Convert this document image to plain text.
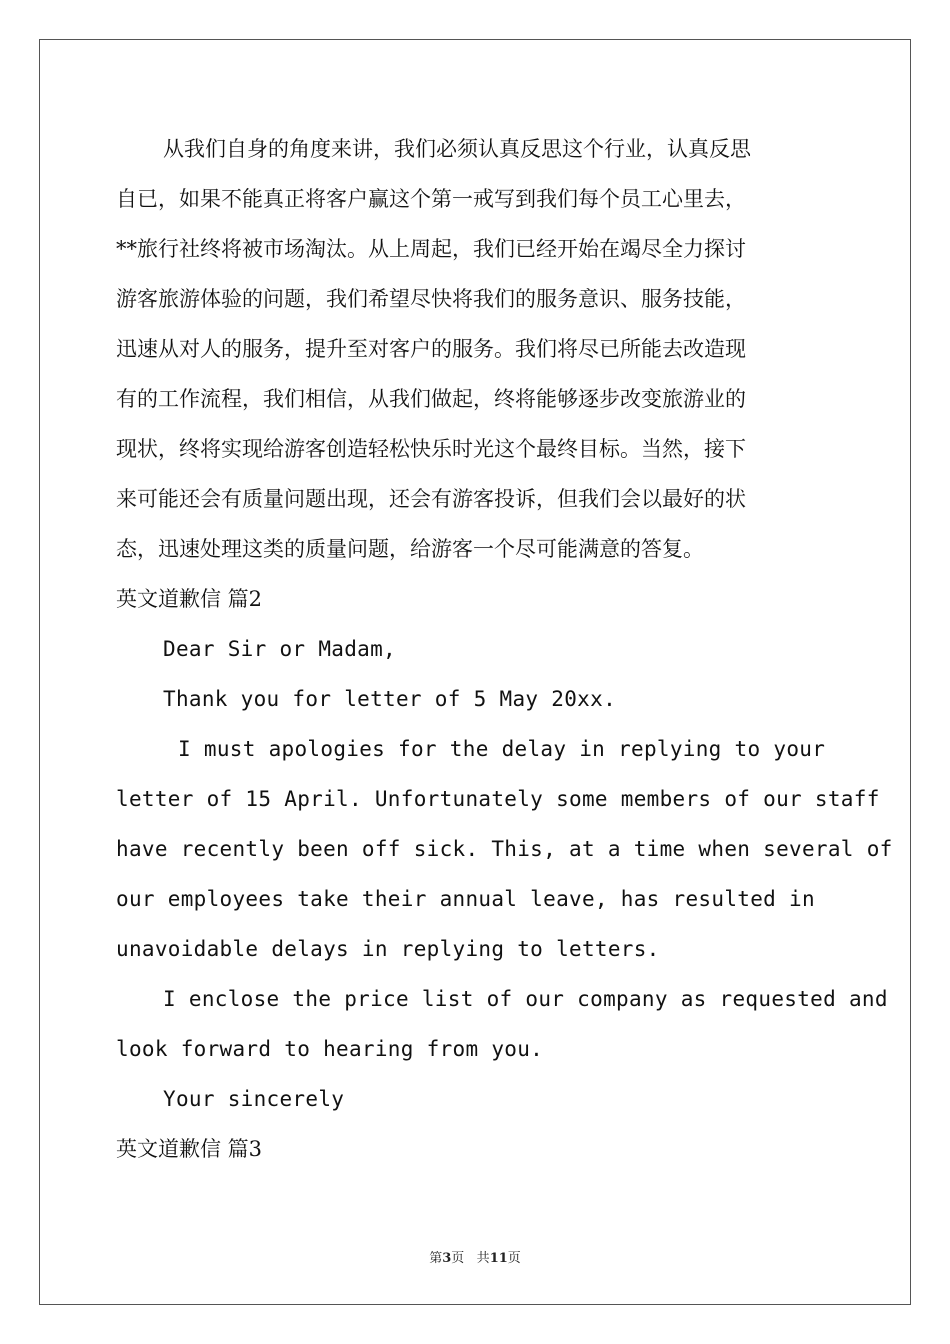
从我们自身的角度来讲，我们必须认真反思这个行业，认真反思
自已，如果不能真正将客户赢这个第一戒写到我们每个员工心里去，
**旅行社终将被市场淘汰。从上周起，我们已经开始在竭尽全力探讨
游客旅游体验的问题，我们希望尽快将我们的服务意识、服务技能，
迅速从对人的服务，提升至对客户的服务。我们将尽已所能去改造现
有的工作流程，我们相信，从我们做起，终将能够逐步改变旅游业的
现状，终将实现给游客创造轻松快乐时光这个最终目标。当然，接下
来可能还会有质量问题出现，还会有游客投诉，但我们会以最好的状
态，迅速处理这类的质量问题，给游客一个尽可能满意的答复。
英文道歉信 篇2
Dear Sir or Madam,
Thank you for letter of 5 May 20xx.
I must apologies for the delay in replying to your
letter of 15 April. Unfortunately some members of our staff
have recently been off sick. This, at a time when several of
our employees take their annual leave, has resulted in
unavoidable delays in replying to letters.
I enclose the price list of our company as requested and
look forward to hearing from you.
Your sincerely
英文道歉信 篇3
第3页 共11页
